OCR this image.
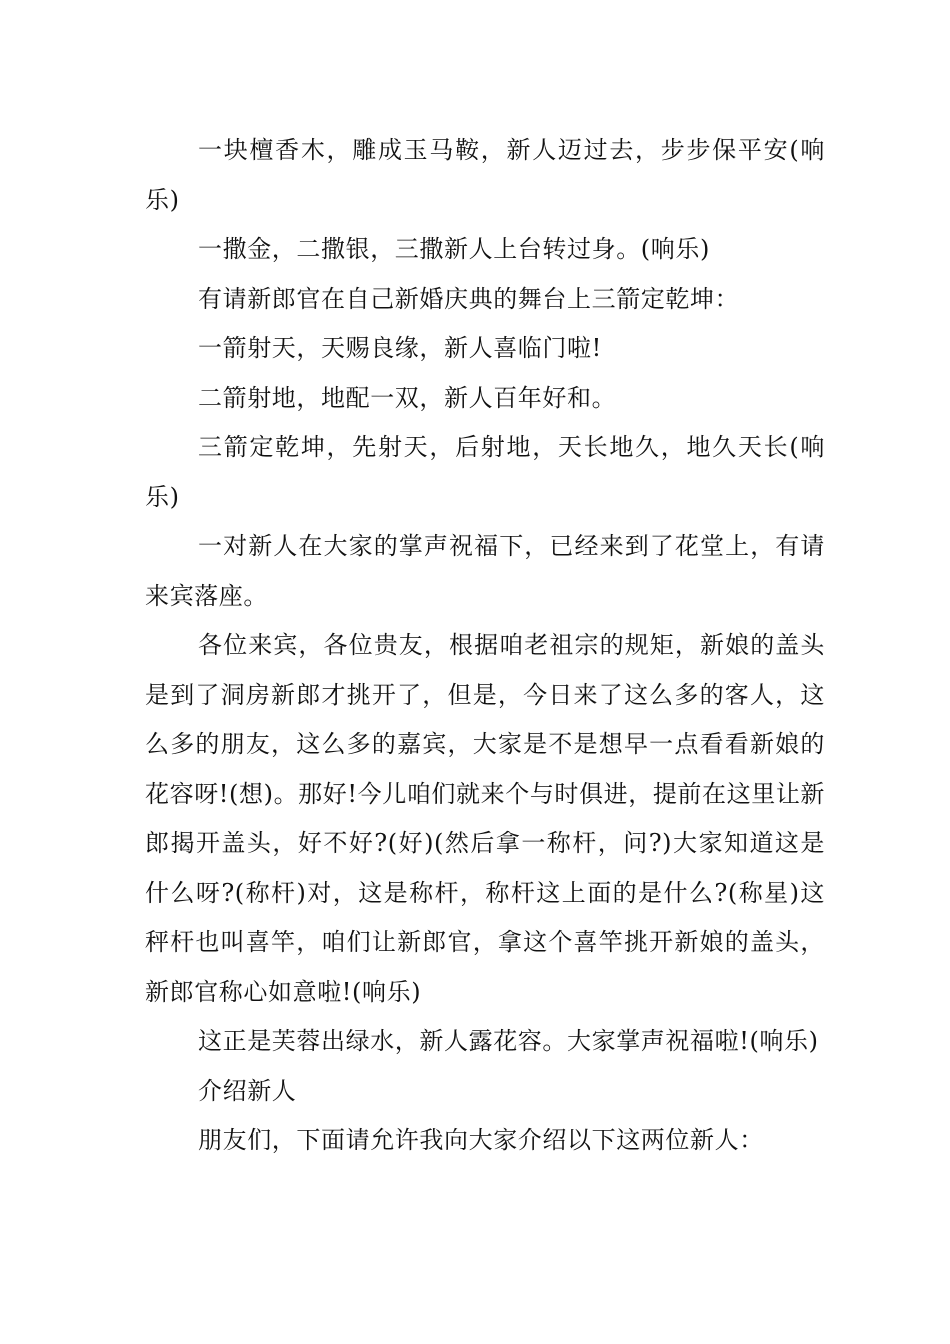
一块檀香木，雕成玉马鞍，新人迈过去，步步保平安(响乐)

一撒金，二撒银，三撒新人上台转过身。(响乐)

有请新郎官在自己新婚庆典的舞台上三箭定乾坤：

一箭射天，天赐良缘，新人喜临门啦!

二箭射地，地配一双，新人百年好和。

三箭定乾坤，先射天，后射地，天长地久，地久天长(响乐)

一对新人在大家的掌声祝福下，已经来到了花堂上，有请来宾落座。

各位来宾，各位贵友，根据咱老祖宗的规矩，新娘的盖头是到了洞房新郎才挑开了，但是，今日来了这么多的客人，这么多的朋友，这么多的嘉宾，大家是不是想早一点看看新娘的花容呀!(想)。那好!今儿咱们就来个与时俱进，提前在这里让新郎揭开盖头，好不好?(好)(然后拿一称杆，问?)大家知道这是什么呀?(称杆)对，这是称杆，称杆这上面的是什么?(称星)这秤杆也叫喜竿，咱们让新郎官，拿这个喜竿挑开新娘的盖头，新郎官称心如意啦!(响乐)

这正是芙蓉出绿水，新人露花容。大家掌声祝福啦!(响乐)

介绍新人

朋友们，下面请允许我向大家介绍以下这两位新人：
